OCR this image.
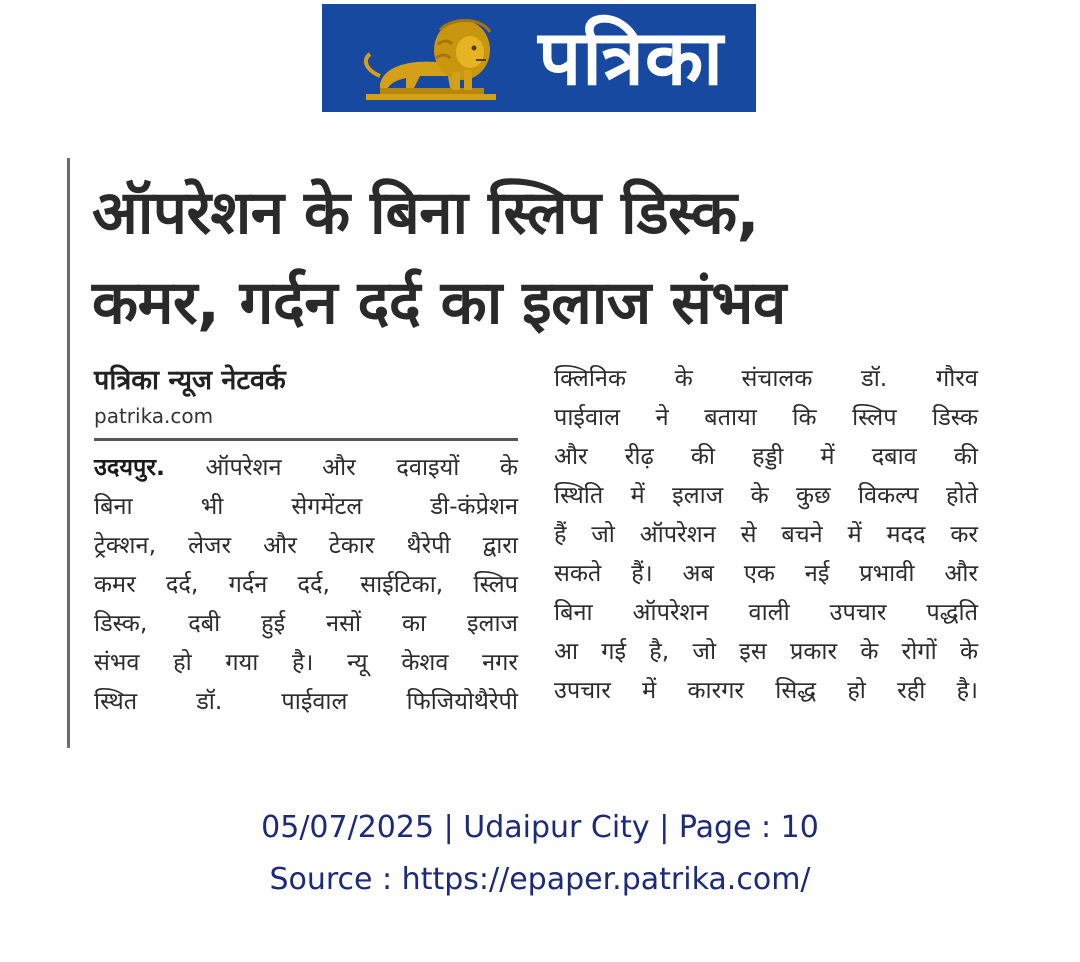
पत्रिका
ऑपरेशन के बिना स्लिप डिस्क,
कमर, गर्दन दर्द का इलाज संभव
पत्रिका न्यूज नेटवर्क
patrika.com

उदयपुर. ऑपरेशन और दवाइयों के
बिना भी सेगमेंटल डी-कंप्रेशन
ट्रेक्शन, लेजर और टेकार थैरेपी द्वारा
कमर दर्द, गर्दन दर्द, साईटिका, स्लिप
डिस्क, दबी हुई नसों का इलाज
संभव हो गया है। न्यू केशव नगर
स्थित डॉ. पाईवाल फिजियोथैरेपी

क्लिनिक के संचालक डॉ. गौरव
पाईवाल ने बताया कि स्लिप डिस्क
और रीढ़ की हड्डी में दबाव की
स्थिति में इलाज के कुछ विकल्प होते
हैं जो ऑपरेशन से बचने में मदद कर
सकते हैं। अब एक नई प्रभावी और
बिना ऑपरेशन वाली उपचार पद्धति
आ गई है, जो इस प्रकार के रोगों के
उपचार में कारगर सिद्ध हो रही है।

05/07/2025 | Udaipur City | Page : 10
Source : https://epaper.patrika.com/
